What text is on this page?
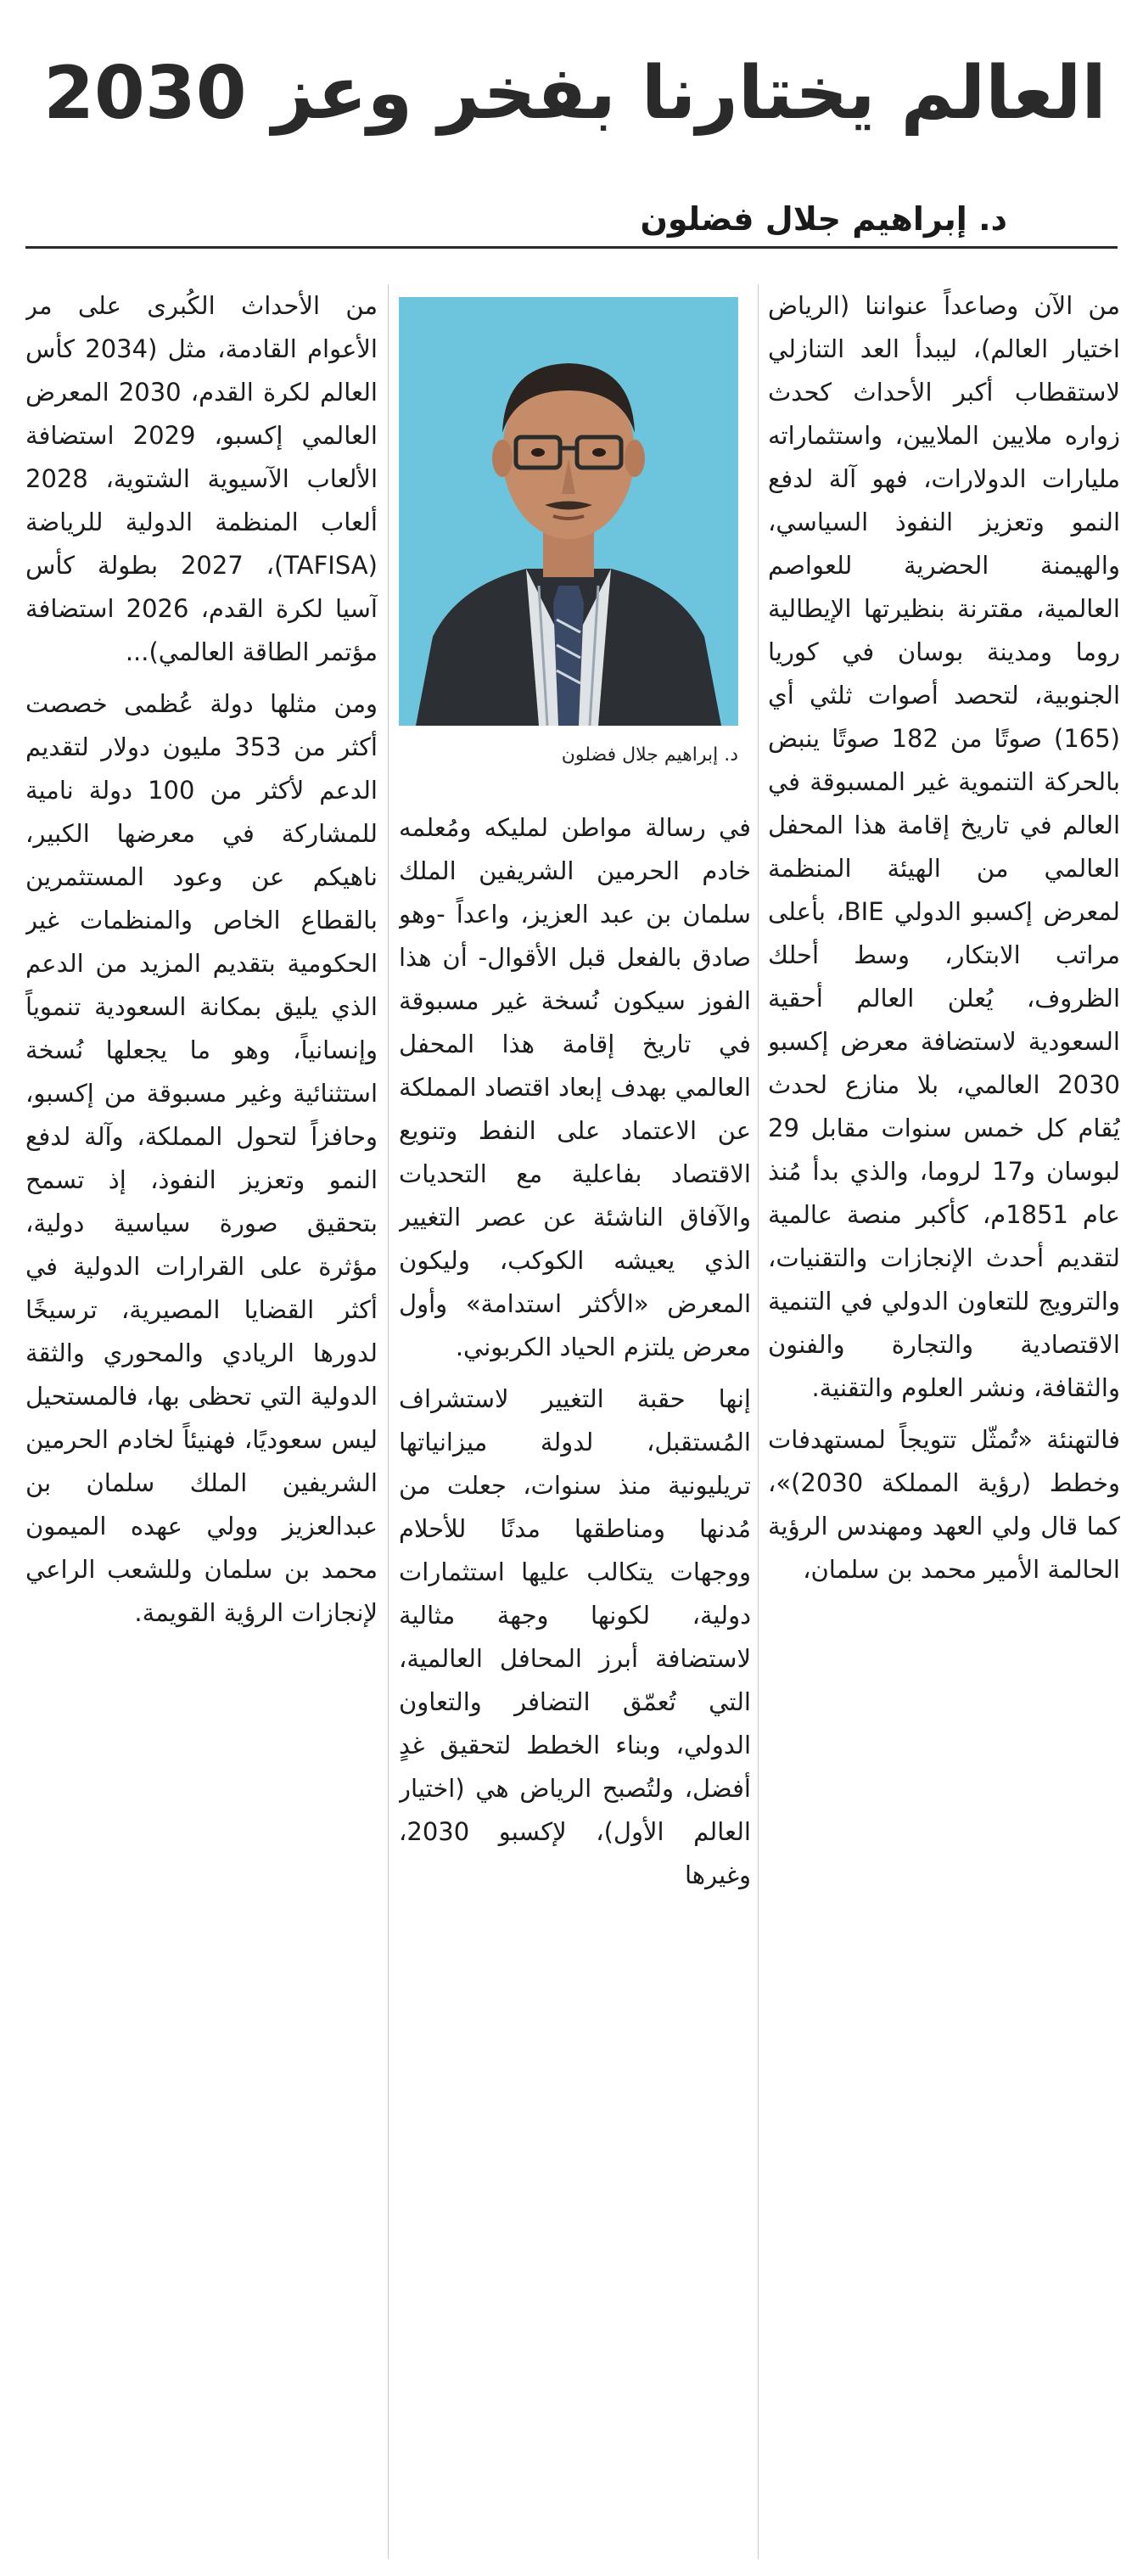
العالم يختارنا بفخر وعز 2030
د. إبراهيم جلال فضلون

من الآن وصاعداً عنواننا (الرياض اختيار العالم)، ليبدأ العد التنازلي لاستقطاب أكبر الأحداث كحدث زواره ملايين الملايين، واستثماراته مليارات الدولارات، فهو آلة لدفع النمو وتعزيز النفوذ السياسي، والهيمنة الحضرية للعواصم العالمية، مقترنة بنظيرتها الإيطالية روما ومدينة بوسان في كوريا الجنوبية، لتحصد أصوات ثلثي أي (165) صوتًا من 182 صوتًا ينبض بالحركة التنموية غير المسبوقة في العالم في تاريخ إقامة هذا المحفل العالمي من الهيئة المنظمة لمعرض إكسبو الدولي BIE، بأعلى مراتب الابتكار، وسط أحلك الظروف، يُعلن العالم أحقية السعودية لاستضافة معرض إكسبو 2030 العالمي، بلا منازع لحدث يُقام كل خمس سنوات مقابل 29 لبوسان و17 لروما، والذي بدأ مُنذ عام 1851م، كأكبر منصة عالمية لتقديم أحدث الإنجازات والتقنيات، والترويج للتعاون الدولي في التنمية الاقتصادية والتجارة والفنون والثقافة، ونشر العلوم والتقنية.

فالتهنئة «تُمثّل تتويجاً لمستهدفات وخطط (رؤية المملكة 2030)»، كما قال ولي العهد ومهندس الرؤية الحالمة الأمير محمد بن سلمان،

د. إبراهيم جلال فضلون

في رسالة مواطن لمليكه ومُعلمه خادم الحرمين الشريفين الملك سلمان بن عبد العزيز، واعداً -وهو صادق بالفعل قبل الأقوال- أن هذا الفوز سيكون نُسخة غير مسبوقة في تاريخ إقامة هذا المحفل العالمي بهدف إبعاد اقتصاد المملكة عن الاعتماد على النفط وتنويع الاقتصاد بفاعلية مع التحديات والآفاق الناشئة عن عصر التغيير الذي يعيشه الكوكب، وليكون المعرض «الأكثر استدامة» وأول معرض يلتزم الحياد الكربوني.

إنها حقبة التغيير لاستشراف المُستقبل، لدولة ميزانياتها تريليونية منذ سنوات، جعلت من مُدنها ومناطقها مدنًا للأحلام ووجهات يتكالب عليها استثمارات دولية، لكونها وجهة مثالية لاستضافة أبرز المحافل العالمية، التي تُعمّق التضافر والتعاون الدولي، وبناء الخطط لتحقيق غدٍ أفضل، ولتُصبح الرياض هي (اختيار العالم الأول)، لإكسبو 2030، وغيرها

من الأحداث الكُبرى على مر الأعوام القادمة، مثل (2034 كأس العالم لكرة القدم، 2030 المعرض العالمي إكسبو، 2029 استضافة الألعاب الآسيوية الشتوية، 2028 ألعاب المنظمة الدولية للرياضة (TAFISA)، 2027 بطولة كأس آسيا لكرة القدم، 2026 استضافة مؤتمر الطاقة العالمي)...

ومن مثلها دولة عُظمى خصصت أكثر من 353 مليون دولار لتقديم الدعم لأكثر من 100 دولة نامية للمشاركة في معرضها الكبير، ناهيكم عن وعود المستثمرين بالقطاع الخاص والمنظمات غير الحكومية بتقديم المزيد من الدعم الذي يليق بمكانة السعودية تنموياً وإنسانياً، وهو ما يجعلها نُسخة استثنائية وغير مسبوقة من إكسبو، وحافزاً لتحول المملكة، وآلة لدفع النمو وتعزيز النفوذ، إذ تسمح بتحقيق صورة سياسية دولية، مؤثرة على القرارات الدولية في أكثر القضايا المصيرية، ترسيخًا لدورها الريادي والمحوري والثقة الدولية التي تحظى بها، فالمستحيل ليس سعوديًا، فهنيئاً لخادم الحرمين الشريفين الملك سلمان بن عبدالعزيز وولي عهده الميمون محمد بن سلمان وللشعب الراعي لإنجازات الرؤية القويمة.
